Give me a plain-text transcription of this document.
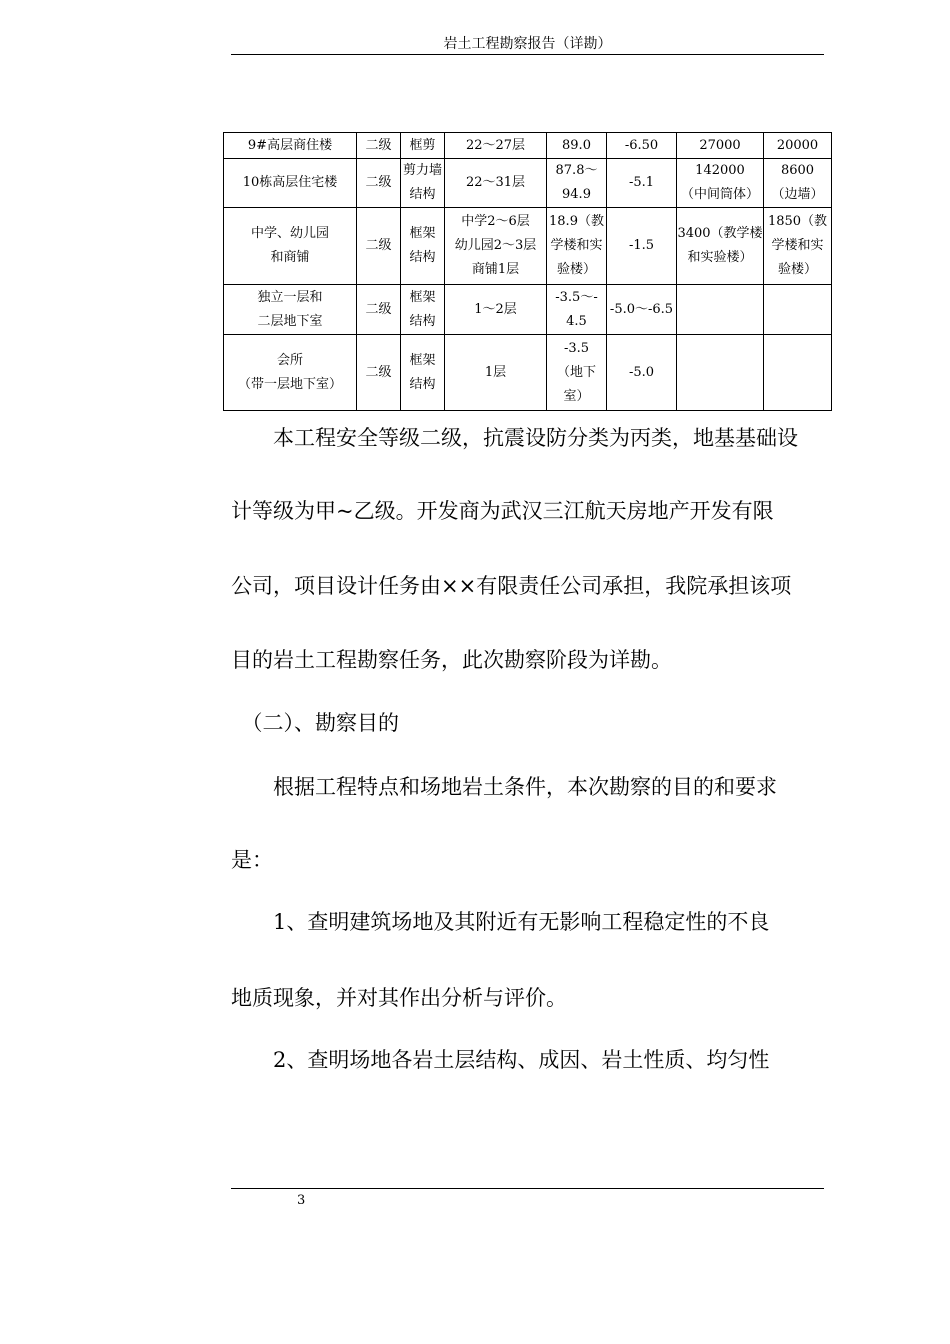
岩土工程勘察报告（详勘）
9#高层商住楼	二级	框剪	22～27层	89.0	-6.50	27000	20000

10栋高层住宅楼	二级	剪力墙
结构	22～31层	87.8～
94.9	-5.1	142000
（中间筒体）	8600
（边墙）

中学、幼儿园
和商铺	二级	框架
结构	中学2～6层
幼儿园2～3层
商铺1层	18.9（教
学楼和实
验楼）	-1.5	3400（教学楼
和实验楼）	1850（教
学楼和实
验楼）

独立一层和
二层地下室	二级	框架
结构	1～2层	-3.5～-
4.5	-5.0～-6.5		

会所
（带一层地下室）	二级	框架
结构	1层	-3.5
（地下
室）	-5.0		

　　本工程安全等级二级，抗震设防分类为丙类，地基基础设
计等级为甲~乙级。开发商为武汉三江航天房地产开发有限
公司，项目设计任务由××有限责任公司承担，我院承担该项
目的岩土工程勘察任务，此次勘察阶段为详勘。
　（二）、勘察目的
　　根据工程特点和场地岩土条件，本次勘察的目的和要求
是：
　　1、查明建筑场地及其附近有无影响工程稳定性的不良
地质现象，并对其作出分析与评价。
　　2、查明场地各岩土层结构、成因、岩土性质、均匀性
3
